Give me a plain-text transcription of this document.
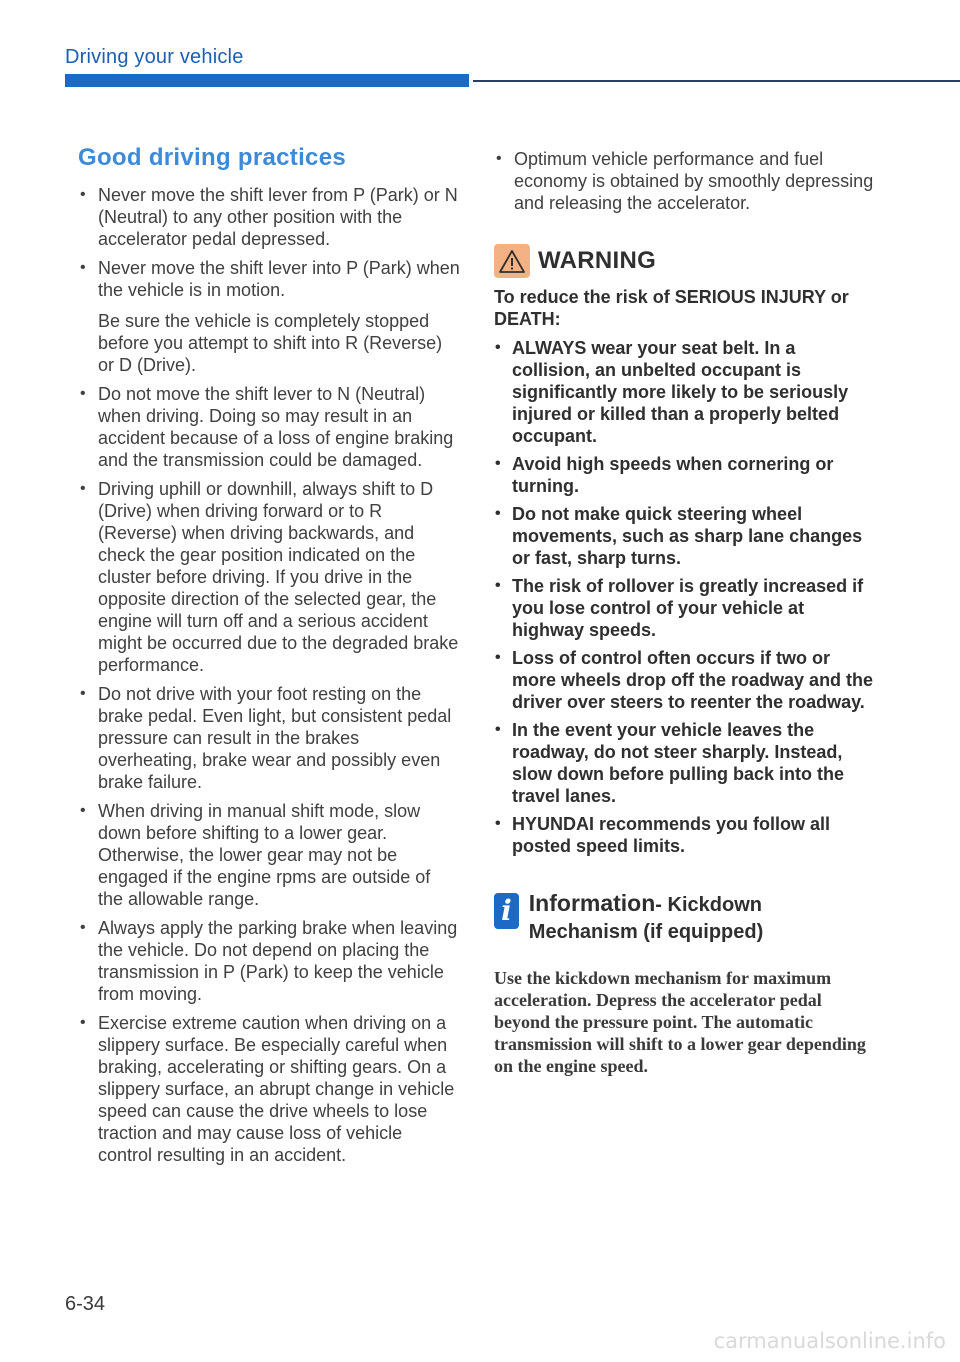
Driving your vehicle
Good driving practices

• Never move the shift lever from P (Park) or N (Neutral) to any other position with the accelerator pedal depressed.

• Never move the shift lever into P (Park) when the vehicle is in motion.

Be sure the vehicle is completely stopped before you attempt to shift into R (Reverse) or D (Drive).

• Do not move the shift lever to N (Neutral) when driving. Doing so may result in an accident because of a loss of engine braking and the transmission could be damaged.

• Driving uphill or downhill, always shift to D (Drive) when driving forward or to R (Reverse) when driving backwards, and check the gear position indicated on the cluster before driving. If you drive in the opposite direction of the selected gear, the engine will turn off and a serious accident might be occurred due to the degraded brake performance.

• Do not drive with your foot resting on the brake pedal. Even light, but consistent pedal pressure can result in the brakes overheating, brake wear and possibly even brake failure.

• When driving in manual shift mode, slow down before shifting to a lower gear. Otherwise, the lower gear may not be engaged if the engine rpms are outside of the allowable range.

• Always apply the parking brake when leaving the vehicle. Do not depend on placing the transmission in P (Park) to keep the vehicle from moving.

• Exercise extreme caution when driving on a slippery surface. Be especially careful when braking, accelerating or shifting gears. On a slippery surface, an abrupt change in vehicle speed can cause the drive wheels to lose traction and may cause loss of vehicle control resulting in an accident.

• Optimum vehicle performance and fuel economy is obtained by smoothly depressing and releasing the accelerator.

WARNING

To reduce the risk of SERIOUS INJURY or DEATH:

• ALWAYS wear your seat belt. In a collision, an unbelted occupant is significantly more likely to be seriously injured or killed than a properly belted occupant.
• Avoid high speeds when cornering or turning.
• Do not make quick steering wheel movements, such as sharp lane changes or fast, sharp turns.
• The risk of rollover is greatly increased if you lose control of your vehicle at highway speeds.
• Loss of control often occurs if two or more wheels drop off the roadway and the driver over steers to reenter the roadway.
• In the event your vehicle leaves the roadway, do not steer sharply. Instead, slow down before pulling back into the travel lanes.
• HYUNDAI recommends you follow all posted speed limits.
i Information- Kickdown Mechanism (if equipped)
Use the kickdown mechanism for maximum acceleration. Depress the accelerator pedal beyond the pressure point. The automatic transmission will shift to a lower gear depending on the engine speed.
6-34
carmanualsonline.info
